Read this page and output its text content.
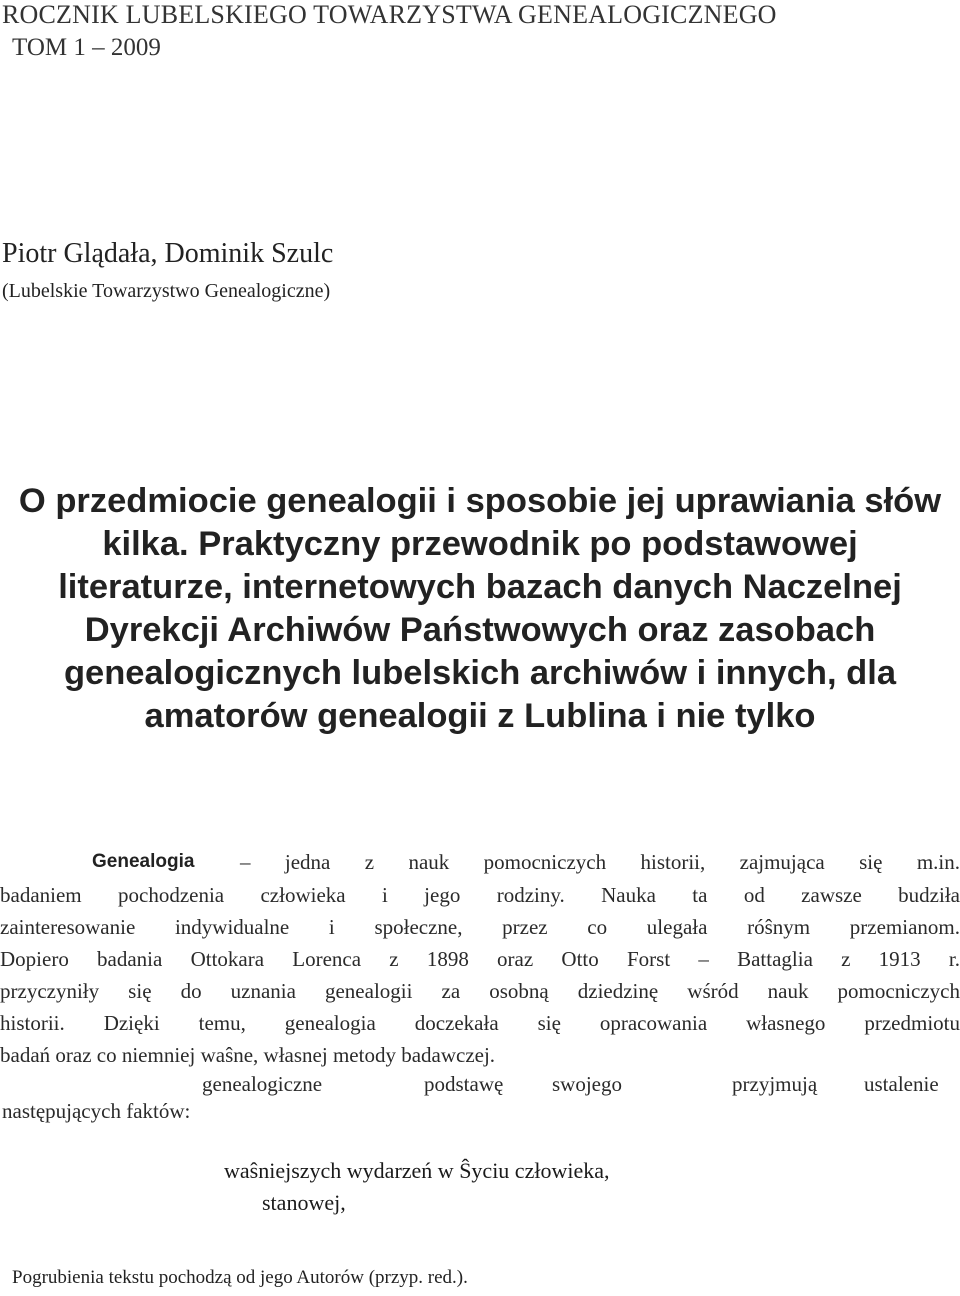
ROCZNIK LUBELSKIEGO TOWARZYSTWA GENEALOGICZNEGO
TOM 1 – 2009
Piotr Glądała, Dominik Szulc
(Lubelskie Towarzystwo Genealogiczne)
O przedmiocie genealogii i sposobie jej uprawiania słów
kilka. Praktyczny przewodnik po podstawowej
literaturze, internetowych bazach danych Naczelnej
Dyrekcji Archiwów Państwowych oraz zasobach
genealogicznych lubelskich archiwów i innych, dla
amatorów genealogii z Lublina i nie tylko
Genealogia – jedna z nauk pomocniczych historii, zajmująca się m.in.
badaniem pochodzenia człowieka i jego rodziny. Nauka ta od zawsze budziła
zainteresowanie indywidualne i społeczne, przez co ulegała róŝnym przemianom.
Dopiero badania Ottokara Lorenca z 1898 oraz Otto Forst – Battaglia z 1913 r.
przyczyniły się do uznania genealogii za osobną dziedzinę wśród nauk pomocniczych
historii. Dzięki temu, genealogia doczekała się opracowania własnego przedmiotu
badań oraz co niemniej waŝne, własnej metody badawczej.
genealogiczne	podstawę swojego	przyjmują ustalenie
następujących faktów:
waŝniejszych wydarzeń w Ŝyciu człowieka,
stanowej,
Pogrubienia tekstu pochodzą od jego Autorów (przyp. red.).
